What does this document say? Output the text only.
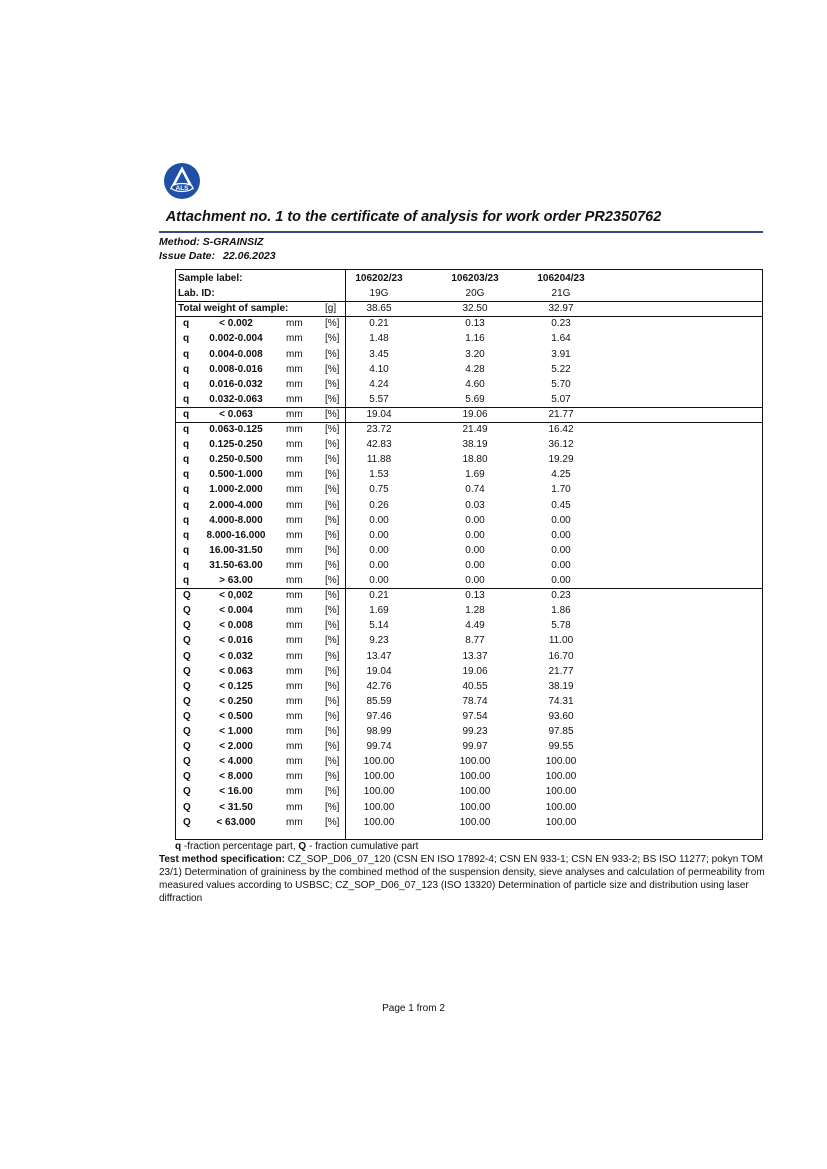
ALS
Attachment no. 1 to the certificate of analysis for work order PR2350762
Method: S-GRAINSIZ
Issue Date: 22.06.2023
Sample label:	106202/23	106203/23	106204/23
Lab. ID:	19G	20G	21G
Total weight of sample:	[g]	38.65	32.50	32.97
q	< 0.002	mm [%]	0.21	0.13	0.23
q 0.002-0.004 mm [%]	1.48	1.16	1.64
q 0.004-0.008 mm [%]	3.45	3.20	3.91
q 0.008-0.016 mm [%]	4.10	4.28	5.22
q 0.016-0.032 mm [%]	4.24	4.60	5.70
q 0.032-0.063 mm [%]	5.57	5.69	5.07
q	< 0.063	mm [%]	19.04	19.06	21.77
q 0.063-0.125 mm [%]	23.72	21.49	16.42
q 0.125-0.250 mm [%]	42.83	38.19	36.12
q 0.250-0.500 mm [%]	11.88	18.80	19.29
q 0.500-1.000 mm [%]	1.53	1.69	4.25
q 1.000-2.000 mm [%]	0.75	0.74	1.70
q 2.000-4.000 mm [%]	0.26	0.03	0.45
q 4.000-8.000 mm [%]	0.00	0.00	0.00
q 8.000-16.000 mm [%]	0.00	0.00	0.00
q 16.00-31.50 mm [%]	0.00	0.00	0.00
q 31.50-63.00 mm [%]	0.00	0.00	0.00
q	> 63.00	mm [%]	0.00	0.00	0.00
Q	< 0,002	mm [%]	0.21	0.13	0.23
Q	< 0.004	mm [%]	1.69	1.28	1.86
Q	< 0.008	mm [%]	5.14	4.49	5.78
Q	< 0.016	mm [%]	9.23	8.77	11.00
Q	< 0.032	mm [%]	13.47	13.37	16.70
Q	< 0.063	mm [%]	19.04	19.06	21.77
Q	< 0.125	mm [%]	42.76	40.55	38.19
Q	< 0.250	mm [%]	85.59	78.74	74.31
Q	< 0.500	mm [%]	97.46	97.54	93.60
Q	< 1.000	mm [%]	98.99	99.23	97.85
Q	< 2.000	mm [%]	99.74	99.97	99.55
Q	< 4.000	mm [%] 100.00	100.00	100.00
Q	< 8.000	mm [%] 100.00	100.00	100.00
Q	< 16.00	mm [%] 100.00	100.00	100.00
Q	< 31.50	mm [%] 100.00	100.00	100.00
Q	< 63.000	mm [%] 100.00	100.00	100.00
q -fraction percentage part, Q - fraction cumulative part
Test method specification: CZ_SOP_D06_07_120 (CSN EN ISO 17892-4; CSN EN 933-1; CSN EN 933-2; BS ISO 11277; pokyn TOM 23/1) Determination of graininess by the combined method of the suspension density, sieve analyses and calculation of permeability from measured values according to USBSC; CZ_SOP_D06_07_123 (ISO 13320) Determination of particle size and distribution using laser diffraction
Page 1 from 2
